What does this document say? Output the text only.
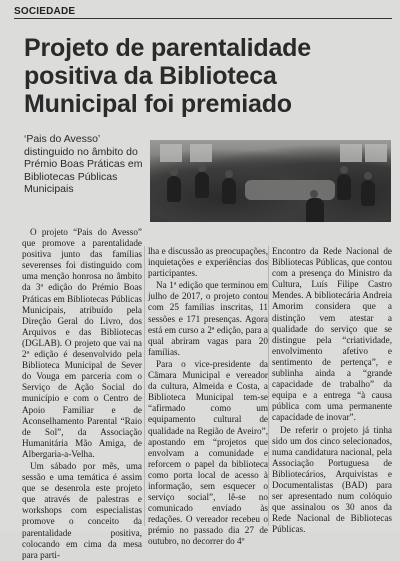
SOCIEDADE
Projeto de parentalidade positiva da Biblioteca Municipal foi premiado

‘Pais do Avesso’ distinguido no âmbito do Prémio Boas Práticas em Bibliotecas Públicas Municipais

O projeto “Pais do Avesso” que promove a parentalidade positiva junto das famílias severenses foi distinguido com uma menção honrosa no âmbito da 3ª edição do Prémio Boas Práticas em Bibliotecas Públicas Municipais, atribuído pela Direção Geral do Livro, dos Arquivos e das Bibliotecas (DGLAB). O projeto que vai na 2ª edição é desenvolvido pela Biblioteca Municipal de Sever do Vouga em parceria com o Serviço de Ação Social do município e com o Centro de Apoio Familiar e de Aconselhamento Parental “Raio de Sol”, da Associação Humanitária Mão Amiga, de Albergaria-a-Velha.

Um sábado por mês, uma sessão e uma temática é assim que se desenrola este projeto que através de palestras e workshops com especialistas promove o conceito da parentalidade positiva, colocando em cima da mesa para parti-

lha e discussão as preocupações, inquietações e experiências dos participantes.

Na 1ª edição que terminou em julho de 2017, o projeto contou com 25 famílias inscritas, 11 sessões e 171 presenças. Agora está em curso a 2ª edição, para a qual abriram vagas para 20 famílias.

Para o vice-presidente da Câmara Municipal e vereador da cultura, Almeida e Costa, a Biblioteca Municipal tem-se “afirmado como um equipamento cultural de qualidade na Região de Aveiro”, apostando em “projetos que envolvam a comunidade e reforcem o papel da biblioteca como porta local de acesso à informação, sem esquecer o serviço social”, lê-se no comunicado enviado às redações. O vereador recebeu o prémio no passado dia 27 de outubro, no decorrer do 4º

Encontro da Rede Nacional de Bibliotecas Públicas, que contou com a presença do Ministro da Cultura, Luís Filipe Castro Mendes. A bibliotecária Andreia Amorim considera que a distinção vem atestar a qualidade do serviço que se distingue pela “criatividade, envolvimento afetivo e sentimento de pertença”, e sublinha ainda a “grande capacidade de trabalho” da equipa e a entrega “à causa pública com uma permanente capacidade de inovar”.

De referir o projeto já tinha sido um dos cinco selecionados, numa candidatura nacional, pela Associação Portuguesa de Bibliotecários, Arquivistas e Documentalistas (BAD) para ser apresentado num colóquio que assinalou os 30 anos da Rede Nacional de Bibliotecas Públicas.
